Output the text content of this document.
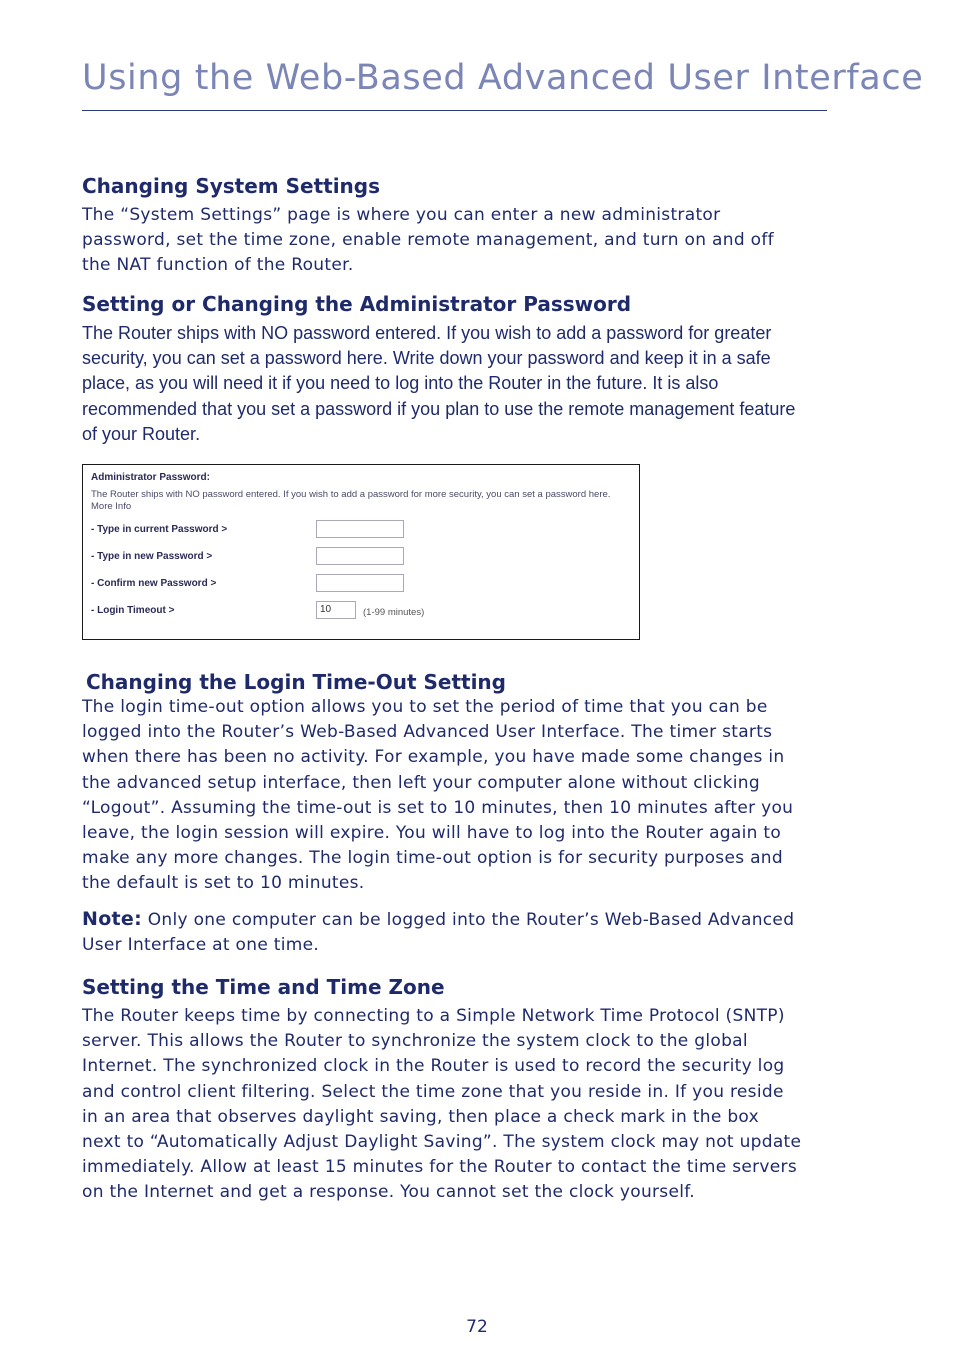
Using the Web-Based Advanced User Interface
Changing System Settings

The “System Settings” page is where you can enter a new administrator password, set the time zone, enable remote management, and turn on and off the NAT function of the Router.

Setting or Changing the Administrator Password

The Router ships with NO password entered. If you wish to add a password for greater security, you can set a password here. Write down your password and keep it in a safe place, as you will need it if you need to log into the Router in the future. It is also recommended that you set a password if you plan to use the remote management feature of your Router.

Administrator Password:
The Router ships with NO password entered. If you wish to add a password for more security, you can set a password here. More Info
- Type in current Password >
- Type in new Password >
- Confirm new Password >
- Login Timeout >	10	(1-99 minutes)
Changing the Login Time-Out Setting

The login time-out option allows you to set the period of time that you can be logged into the Router’s Web-Based Advanced User Interface. The timer starts when there has been no activity. For example, you have made some changes in the advanced setup interface, then left your computer alone without clicking “Logout”. Assuming the time-out is set to 10 minutes, then 10 minutes after you leave, the login session will expire. You will have to log into the Router again to make any more changes. The login time-out option is for security purposes and the default is set to 10 minutes.

Note: Only one computer can be logged into the Router’s Web-Based Advanced User Interface at one time.

Setting the Time and Time Zone

The Router keeps time by connecting to a Simple Network Time Protocol (SNTP) server. This allows the Router to synchronize the system clock to the global Internet. The synchronized clock in the Router is used to record the security log and control client filtering. Select the time zone that you reside in. If you reside in an area that observes daylight saving, then place a check mark in the box next to “Automatically Adjust Daylight Saving”. The system clock may not update immediately. Allow at least 15 minutes for the Router to contact the time servers on the Internet and get a response. You cannot set the clock yourself.

72
